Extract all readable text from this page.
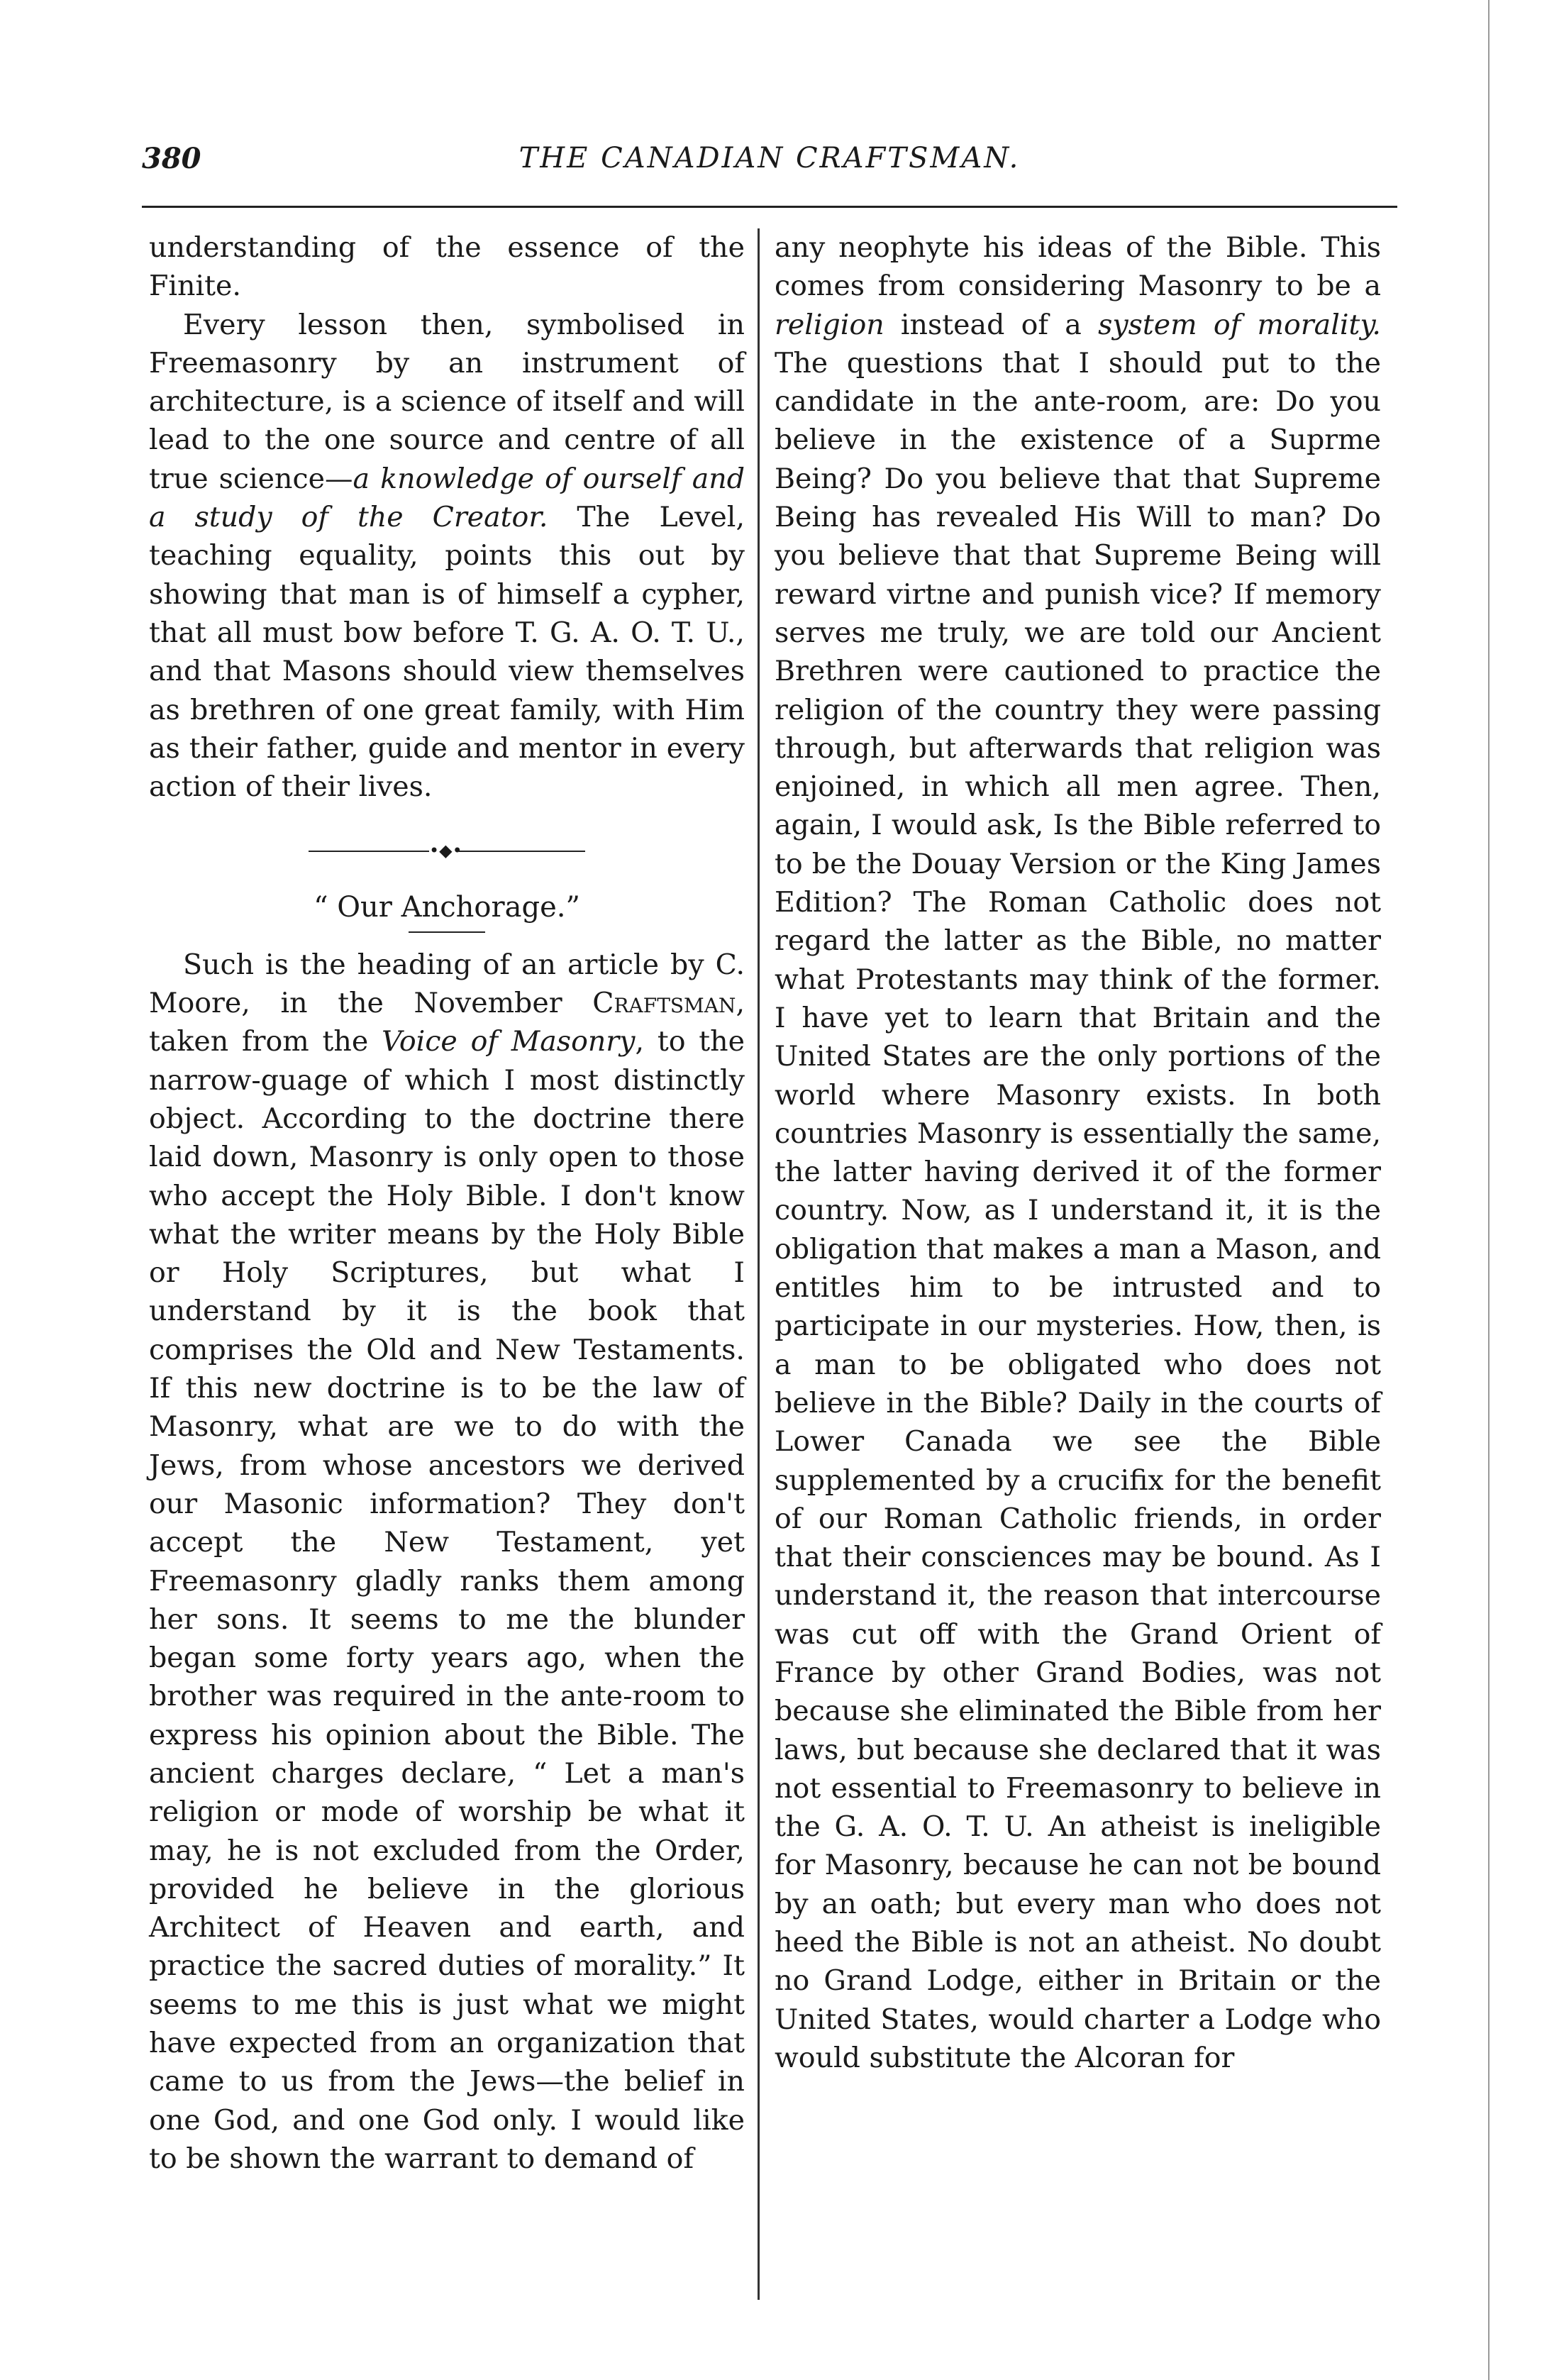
380	THE CANADIAN CRAFTSMAN.

understanding of the essence of the Finite.

Every lesson then, symbolised in Freemasonry by an instrument of architecture, is a science of itself and will lead to the one source and centre of all true science—a knowledge of ourself and a study of the Creator. The Level, teaching equality, points this out by showing that man is of himself a cypher, that all must bow before T. G. A. O. T. U., and that Masons should view themselves as brethren of one great family, with Him as their father, guide and mentor in every action of their lives.

•◆•

“ Our Anchorage.”

Such is the heading of an article by C. Moore, in the November Craftsman, taken from the Voice of Masonry, to the narrow-guage of which I most distinctly object. According to the doctrine there laid down, Masonry is only open to those who accept the Holy Bible. I don't know what the writer means by the Holy Bible or Holy Scriptures, but what I understand by it is the book that comprises the Old and New Testaments. If this new doctrine is to be the law of Masonry, what are we to do with the Jews, from whose ancestors we derived our Masonic information? They don't accept the New Testament, yet Freemasonry gladly ranks them among her sons. It seems to me the blunder began some forty years ago, when the brother was required in the ante-room to express his opinion about the Bible. The ancient charges declare, “ Let a man's religion or mode of worship be what it may, he is not excluded from the Order, provided he believe in the glorious Architect of Heaven and earth, and practice the sacred duties of morality.” It seems to me this is just what we might have expected from an organization that came to us from the Jews—the belief in one God, and one God only. I would like to be shown the warrant to demand of

any neophyte his ideas of the Bible. This comes from considering Masonry to be a religion instead of a system of morality. The questions that I should put to the candidate in the ante-room, are: Do you believe in the existence of a Suprme Being? Do you believe that that Supreme Being has revealed His Will to man? Do you believe that that Supreme Being will reward virtne and punish vice? If memory serves me truly, we are told our Ancient Brethren were cautioned to practice the religion of the country they were passing through, but afterwards that religion was enjoined, in which all men agree. Then, again, I would ask, Is the Bible referred to to be the Douay Version or the King James Edition? The Roman Catholic does not regard the latter as the Bible, no matter what Protestants may think of the former. I have yet to learn that Britain and the United States are the only portions of the world where Masonry exists. In both countries Masonry is essentially the same, the latter having derived it of the former country. Now, as I understand it, it is the obligation that makes a man a Mason, and entitles him to be intrusted and to participate in our mysteries. How, then, is a man to be obligated who does not believe in the Bible? Daily in the courts of Lower Canada we see the Bible supplemented by a crucifix for the benefit of our Roman Catholic friends, in order that their consciences may be bound. As I understand it, the reason that intercourse was cut off with the Grand Orient of France by other Grand Bodies, was not because she eliminated the Bible from her laws, but because she declared that it was not essential to Freemasonry to believe in the G. A. O. T. U. An atheist is ineligible for Masonry, because he can not be bound by an oath; but every man who does not heed the Bible is not an atheist. No doubt no Grand Lodge, either in Britain or the United States, would charter a Lodge who would substitute the Alcoran for
